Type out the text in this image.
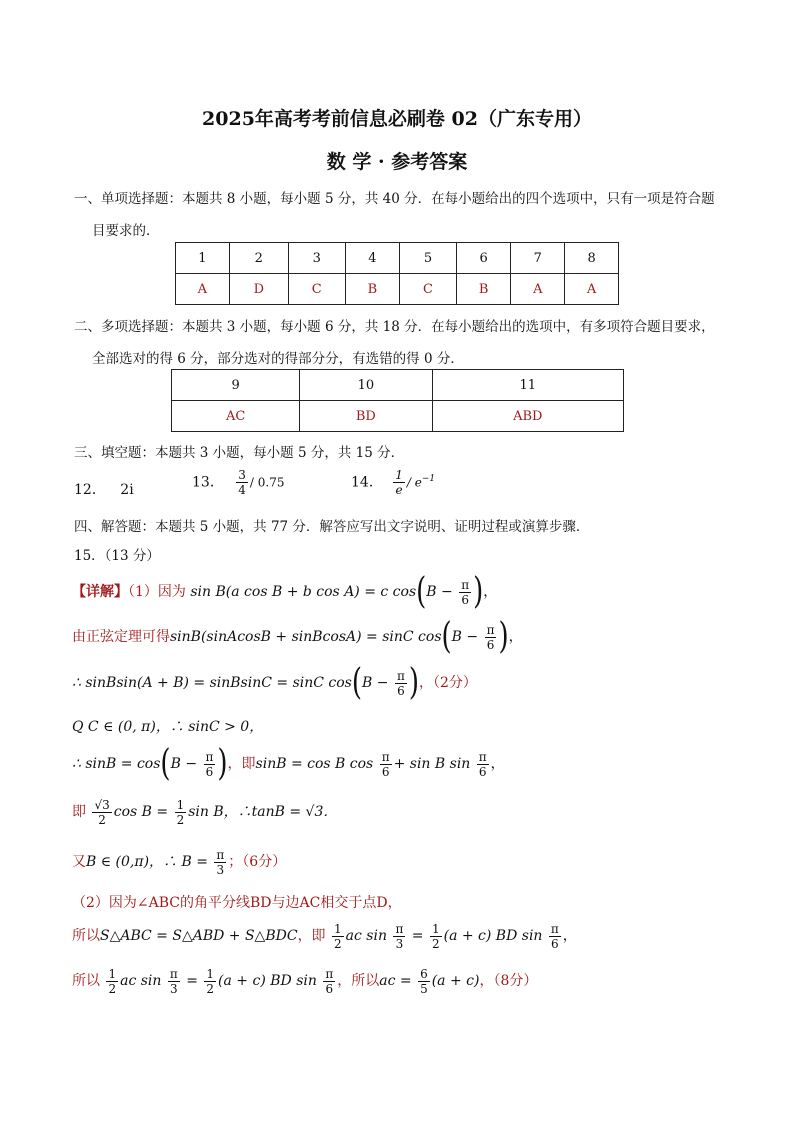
2025年高考考前信息必刷卷 02（广东专用）
数 学 · 参考答案
一、单项选择题：本题共 8 小题，每小题 5 分，共 40 分．在每小题给出的四个选项中，只有一项是符合题
目要求的．
1	2	3	4	5	6	7	8
A	D	C	B	C	B	A	A
二、多项选择题：本题共 3 小题，每小题 6 分，共 18 分．在每小题给出的选项中，有多项符合题目要求，
全部选对的得 6 分，部分选对的得部分分，有选错的得 0 分．
9	10	11
AC	BD	ABD
三、填空题：本题共 3 小题，每小题 5 分，共 15 分．
12． 2i	13． $\frac{3}{4} / 0.75$	14． $\frac{1}{e} / e^{-1}$
四、解答题：本题共 5 小题，共 77 分．解答应写出文字说明、证明过程或演算步骤．
15．（13 分）
【详解】（1）因为 sin B(a cos B + b cos A) = c $\cos(B - \frac{\pi}{6}$ )，
由正弦定理可得sinB(sinAcosB + sinBcosA) = sinC $\cos(B - \frac{\pi}{6}$ )，
∴ sinBsin(A + B) = sinBsinC = sinC $\cos(B - \frac{\pi}{6}$ )，（2分）
Q C ∈ (0, π)，∴ sinC > 0，
∴ $\sin B = \cos(B - \frac{\pi}{6}$ )，即sinB = cos B $\cos \frac{\pi}{6} + \sin B$ $\sin \frac{\pi}{6}$ ，
即 $\frac{√3}{2}$ $\cos B = \frac{1}{2}$ sin B，∴tanB = √3．
又B ∈ (0,π)，∴ $B = \frac{\pi}{3}$ ；（6分）
（2）因为∠ABC的角平分线BD与边AC相交于点D，
所以S△ABC = S△ABD + S△BDC，即 $\frac{1}{2}$ ac $\sin \frac{\pi}{3} = \frac{1}{2} (a + c)$ BD $\sin \frac{\pi}{6}$ ，
所以 $\frac{1}{2}$ ac $\sin \frac{\pi}{3} = \frac{1}{2} (a + c)$ BD $\sin \frac{\pi}{6}$ ，所以ac = $\frac{6}{5} (a + c)$，（8分）
